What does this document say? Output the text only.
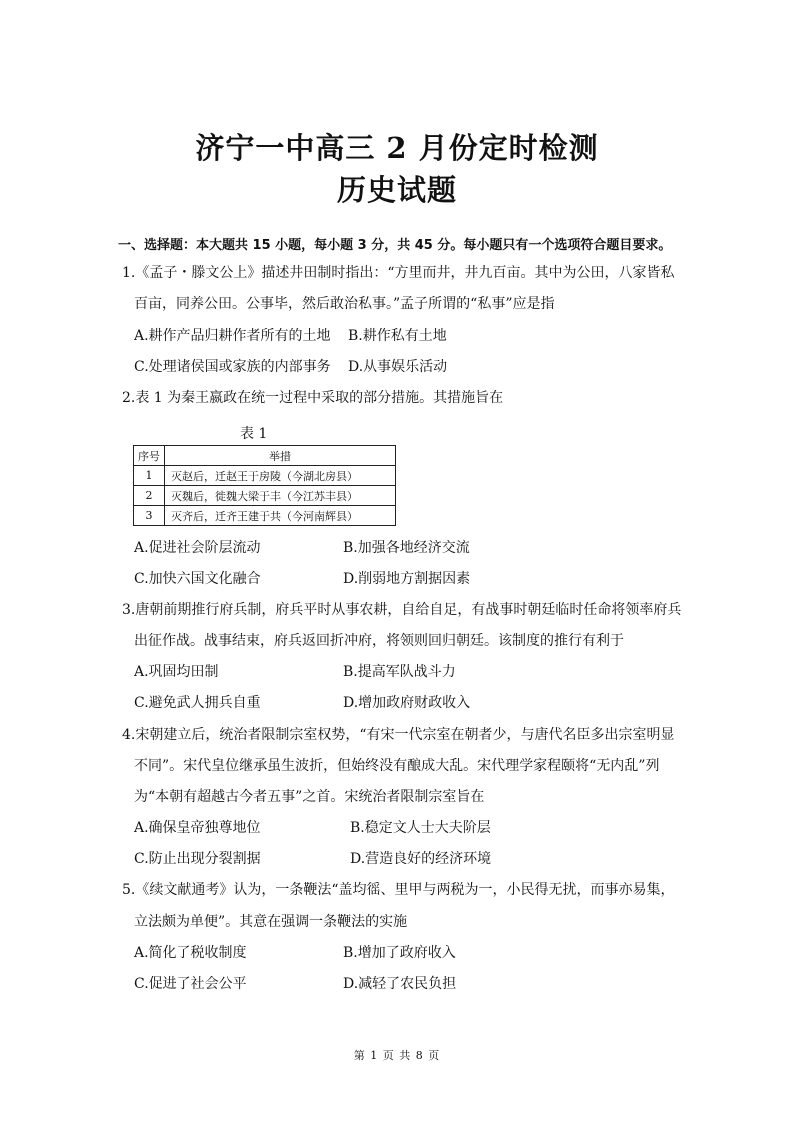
济宁一中高三 2 月份定时检测
历史试题
一、选择题：本大题共 15 小题，每小题 3 分，共 45 分。每小题只有一个选项符合题目要求。
1.《孟子・滕文公上》描述井田制时指出：“方里而井，井九百亩。其中为公田，八家皆私
百亩，同养公田。公事毕，然后敢治私事。”孟子所谓的“私事”应是指
A.耕作产品归耕作者所有的土地 B.耕作私有土地
C.处理诸侯国或家族的内部事务 D.从事娱乐活动
2.表 1 为秦王嬴政在统一过程中采取的部分措施。其措施旨在
表 1
序号	举措
1	灭赵后，迁赵王于房陵（今湖北房县）
2	灭魏后，徙魏大梁于丰（今江苏丰县）
3	灭齐后，迁齐王建于共（今河南辉县）
A.促进社会阶层流动	B.加强各地经济交流
C.加快六国文化融合	D.削弱地方割据因素
3.唐朝前期推行府兵制，府兵平时从事农耕，自给自足，有战事时朝廷临时任命将领率府兵
出征作战。战事结束，府兵返回折冲府，将领则回归朝廷。该制度的推行有利于
A.巩固均田制	B.提高军队战斗力
C.避免武人拥兵自重	D.增加政府财政收入
4.宋朝建立后，统治者限制宗室权势，“有宋一代宗室在朝者少，与唐代名臣多出宗室明显
不同”。宋代皇位继承虽生波折，但始终没有酿成大乱。宋代理学家程颐将“无内乱”列
为“本朝有超越古今者五事”之首。宋统治者限制宗室旨在
A.确保皇帝独尊地位	B.稳定文人士大夫阶层
C.防止出现分裂割据	D.营造良好的经济环境
5.《续文献通考》认为，一条鞭法“盖均徭、里甲与两税为一，小民得无扰，而事亦易集，
立法颇为单便”。其意在强调一条鞭法的实施
A.简化了税收制度	B.增加了政府收入
C.促进了社会公平	D.减轻了农民负担
第 1 页 共 8 页
